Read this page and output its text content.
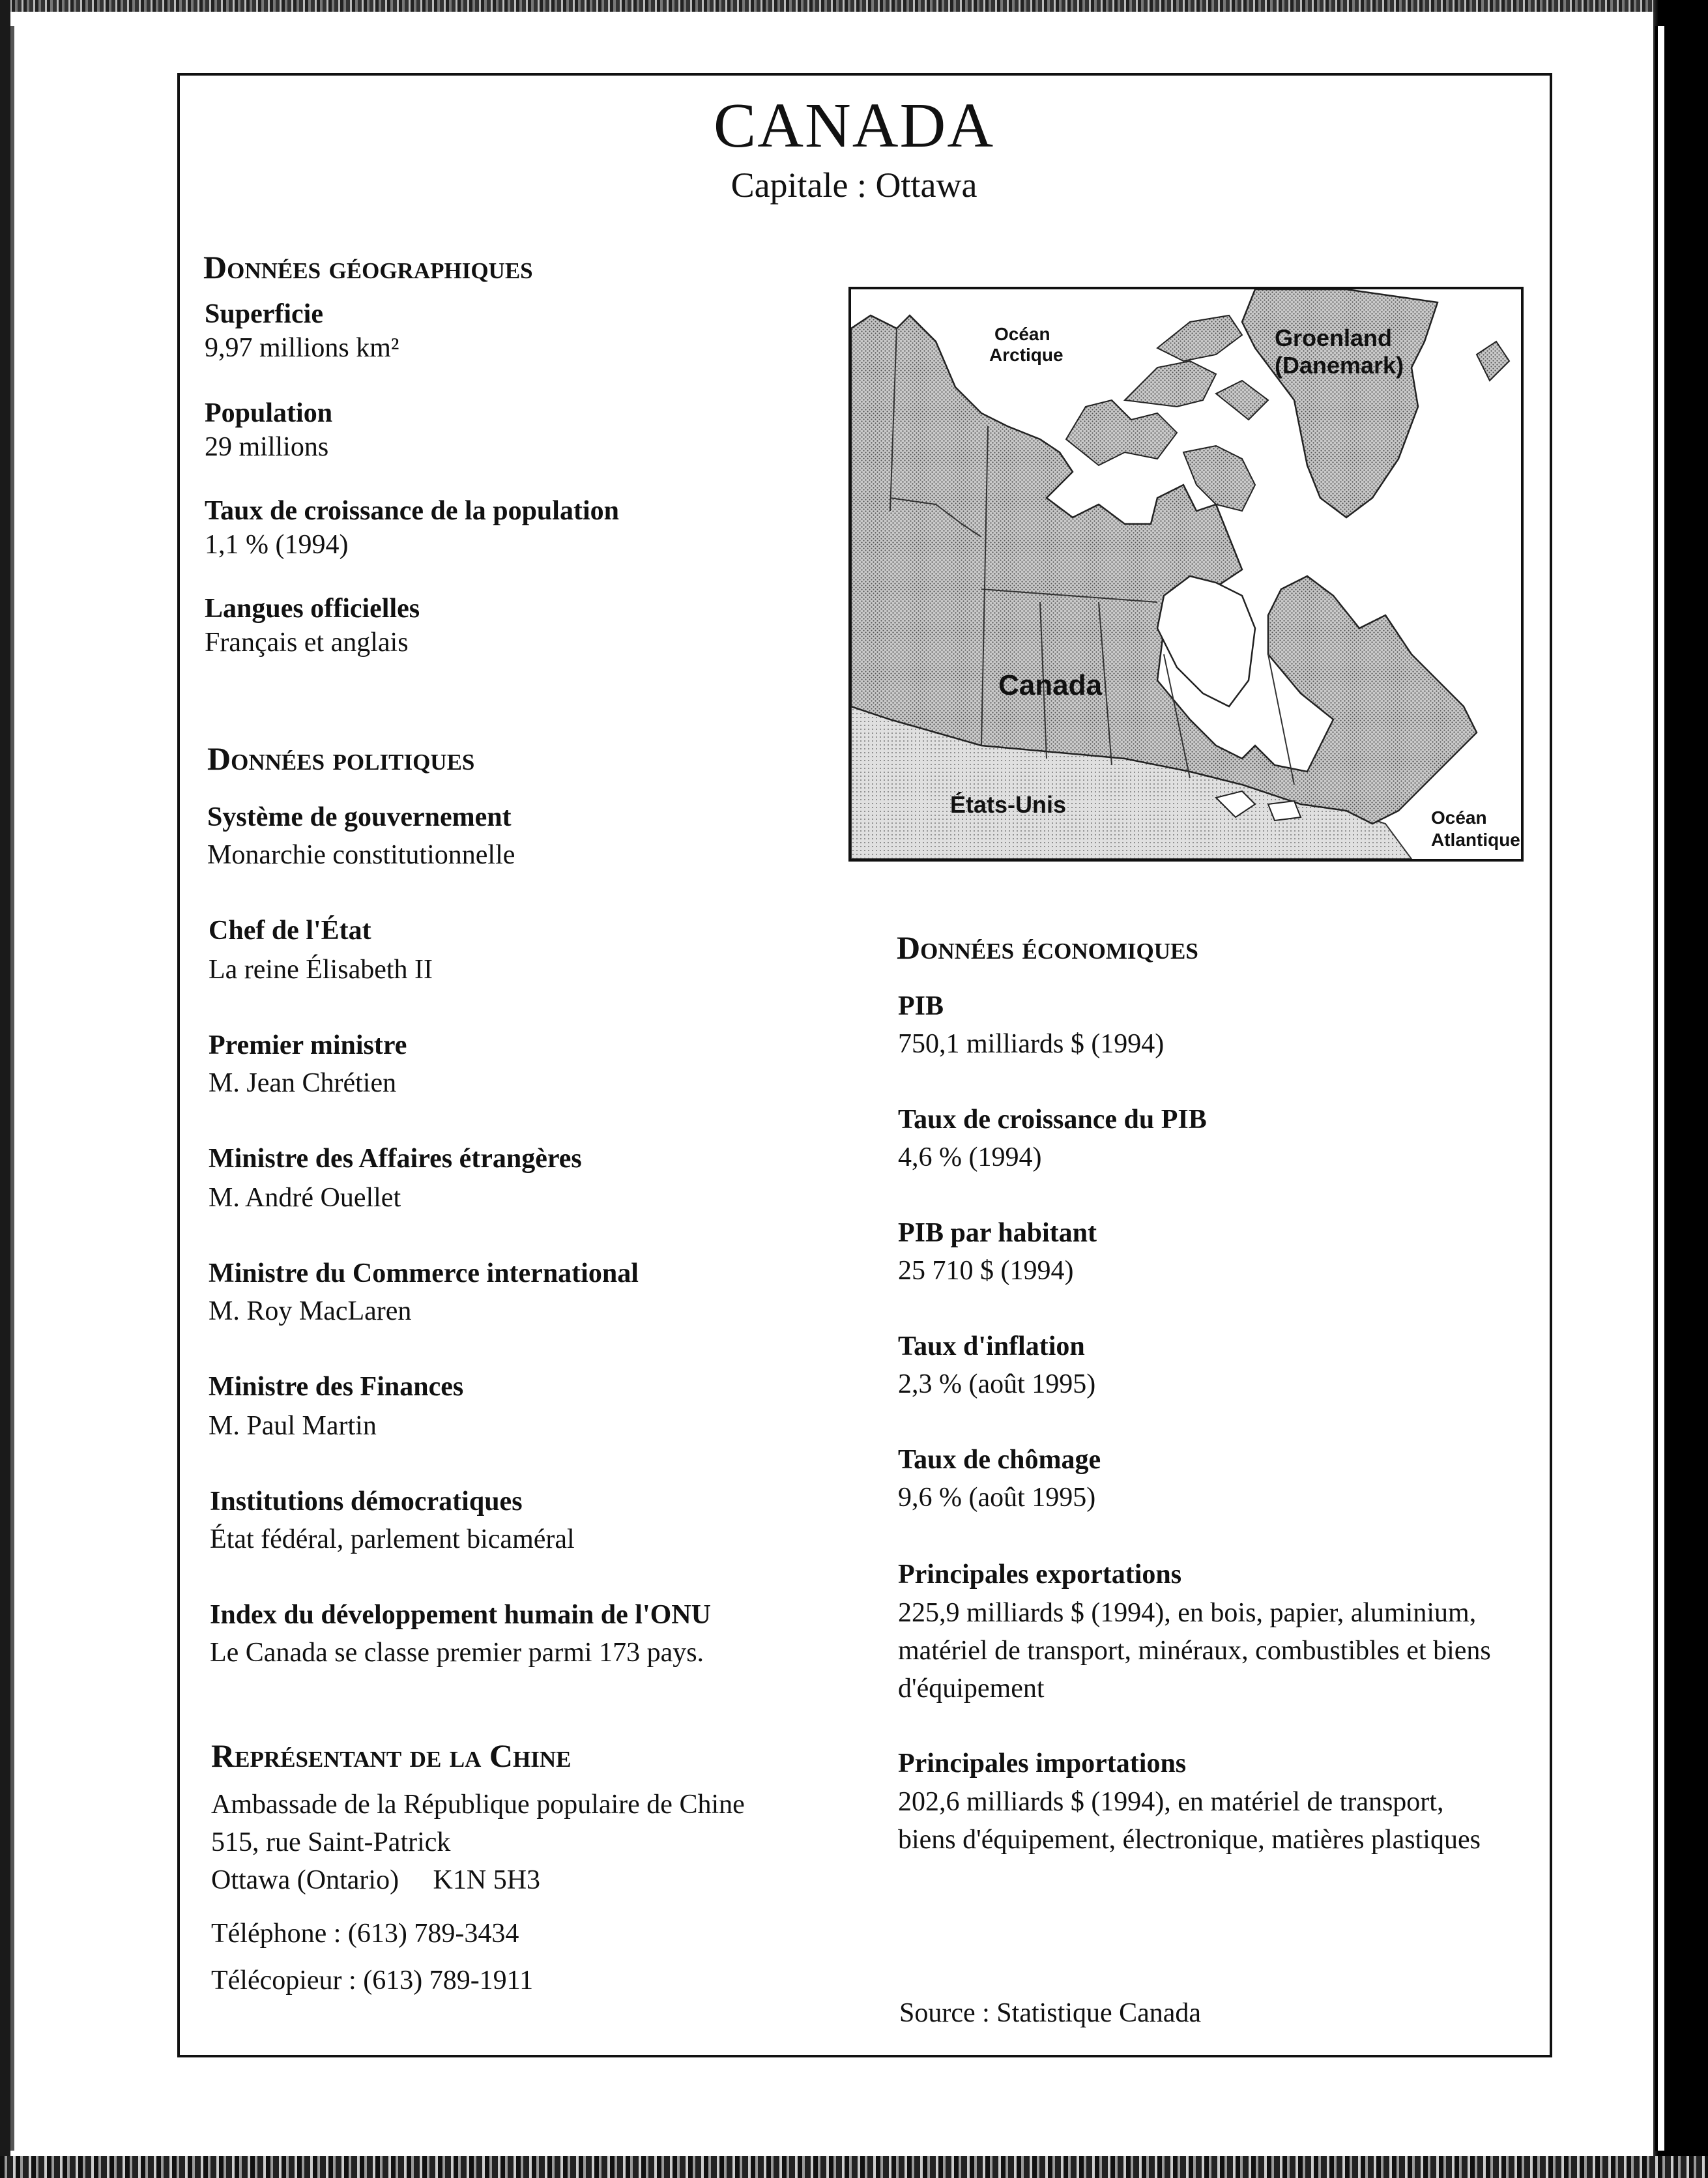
CANADA
Capitale : Ottawa
Données géographiques
Superficie
9,97 millions km²
Population
29 millions
Taux de croissance de la population
1,1 % (1994)
Langues officielles
Français et anglais
Données politiques
Système de gouvernement
Monarchie constitutionnelle
Chef de l'État
La reine Élisabeth II
Premier ministre
M. Jean Chrétien
Ministre des Affaires étrangères
M. André Ouellet
Ministre du Commerce international
M. Roy MacLaren
Ministre des Finances
M. Paul Martin
Institutions démocratiques
État fédéral, parlement bicaméral
Index du développement humain de l'ONU
Le Canada se classe premier parmi 173 pays.
Représentant de la Chine
Ambassade de la République populaire de Chine
515, rue Saint-Patrick
Ottawa (Ontario)     K1N 5H3
Téléphone : (613) 789-3434
Télécopieur : (613) 789-1911
Océan
Arctique
Groenland
(Danemark)
Canada
États-Unis	Océan
Atlantique
Données économiques
PIB
750,1 milliards $ (1994)
Taux de croissance du PIB
4,6 % (1994)
PIB par habitant
25 710 $ (1994)
Taux d'inflation
2,3 % (août 1995)
Taux de chômage
9,6 % (août 1995)
Principales exportations
225,9 milliards $ (1994), en bois, papier, aluminium,
matériel de transport, minéraux, combustibles et biens
d'équipement
Principales importations
202,6 milliards $ (1994), en matériel de transport,
biens d'équipement, électronique, matières plastiques
Source : Statistique Canada
